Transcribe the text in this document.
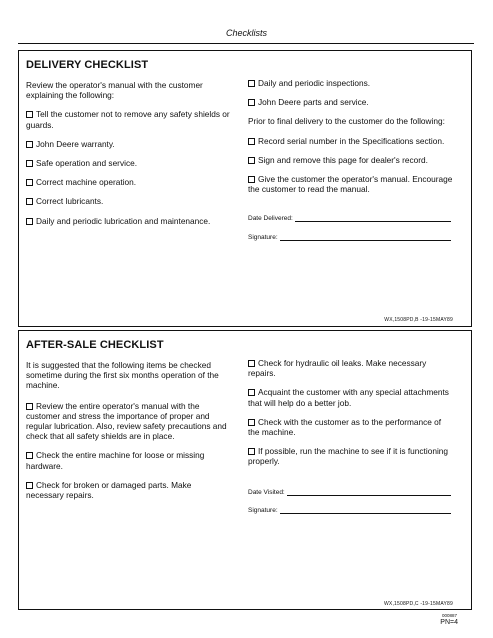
Checklists
DELIVERY CHECKLIST
Review the operator's manual with the customer explaining the following:
Tell the customer not to remove any safety shields or guards.
John Deere warranty.
Safe operation and service.
Correct machine operation.
Correct lubricants.
Daily and periodic lubrication and maintenance.
Daily and periodic inspections.
John Deere parts and service.
Prior to final delivery to the customer do the following:
Record serial number in the Specifications section.
Sign and remove this page for dealer's record.
Give the customer the operator's manual. Encourage the customer to read the manual.
Date Delivered:
Signature:
WX,1508PD,B -19-15MAY89
AFTER-SALE CHECKLIST
It is suggested that the following items be checked sometime during the first six months operation of the machine.
Review the entire operator's manual with the customer and stress the importance of proper and regular lubrication. Also, review safety precautions and check that all safety shields are in place.
Check the entire machine for loose or missing hardware.
Check for broken or damaged parts. Make necessary repairs.
Check for hydraulic oil leaks. Make necessary repairs.
Acquaint the customer with any special attachments that will help do a better job.
Check with the customer as to the performance of the machine.
If possible, run the machine to see if it is functioning properly.
Date Visited:
Signature:
WX,1508PD,C -19-15MAY89
000887
PN=4
